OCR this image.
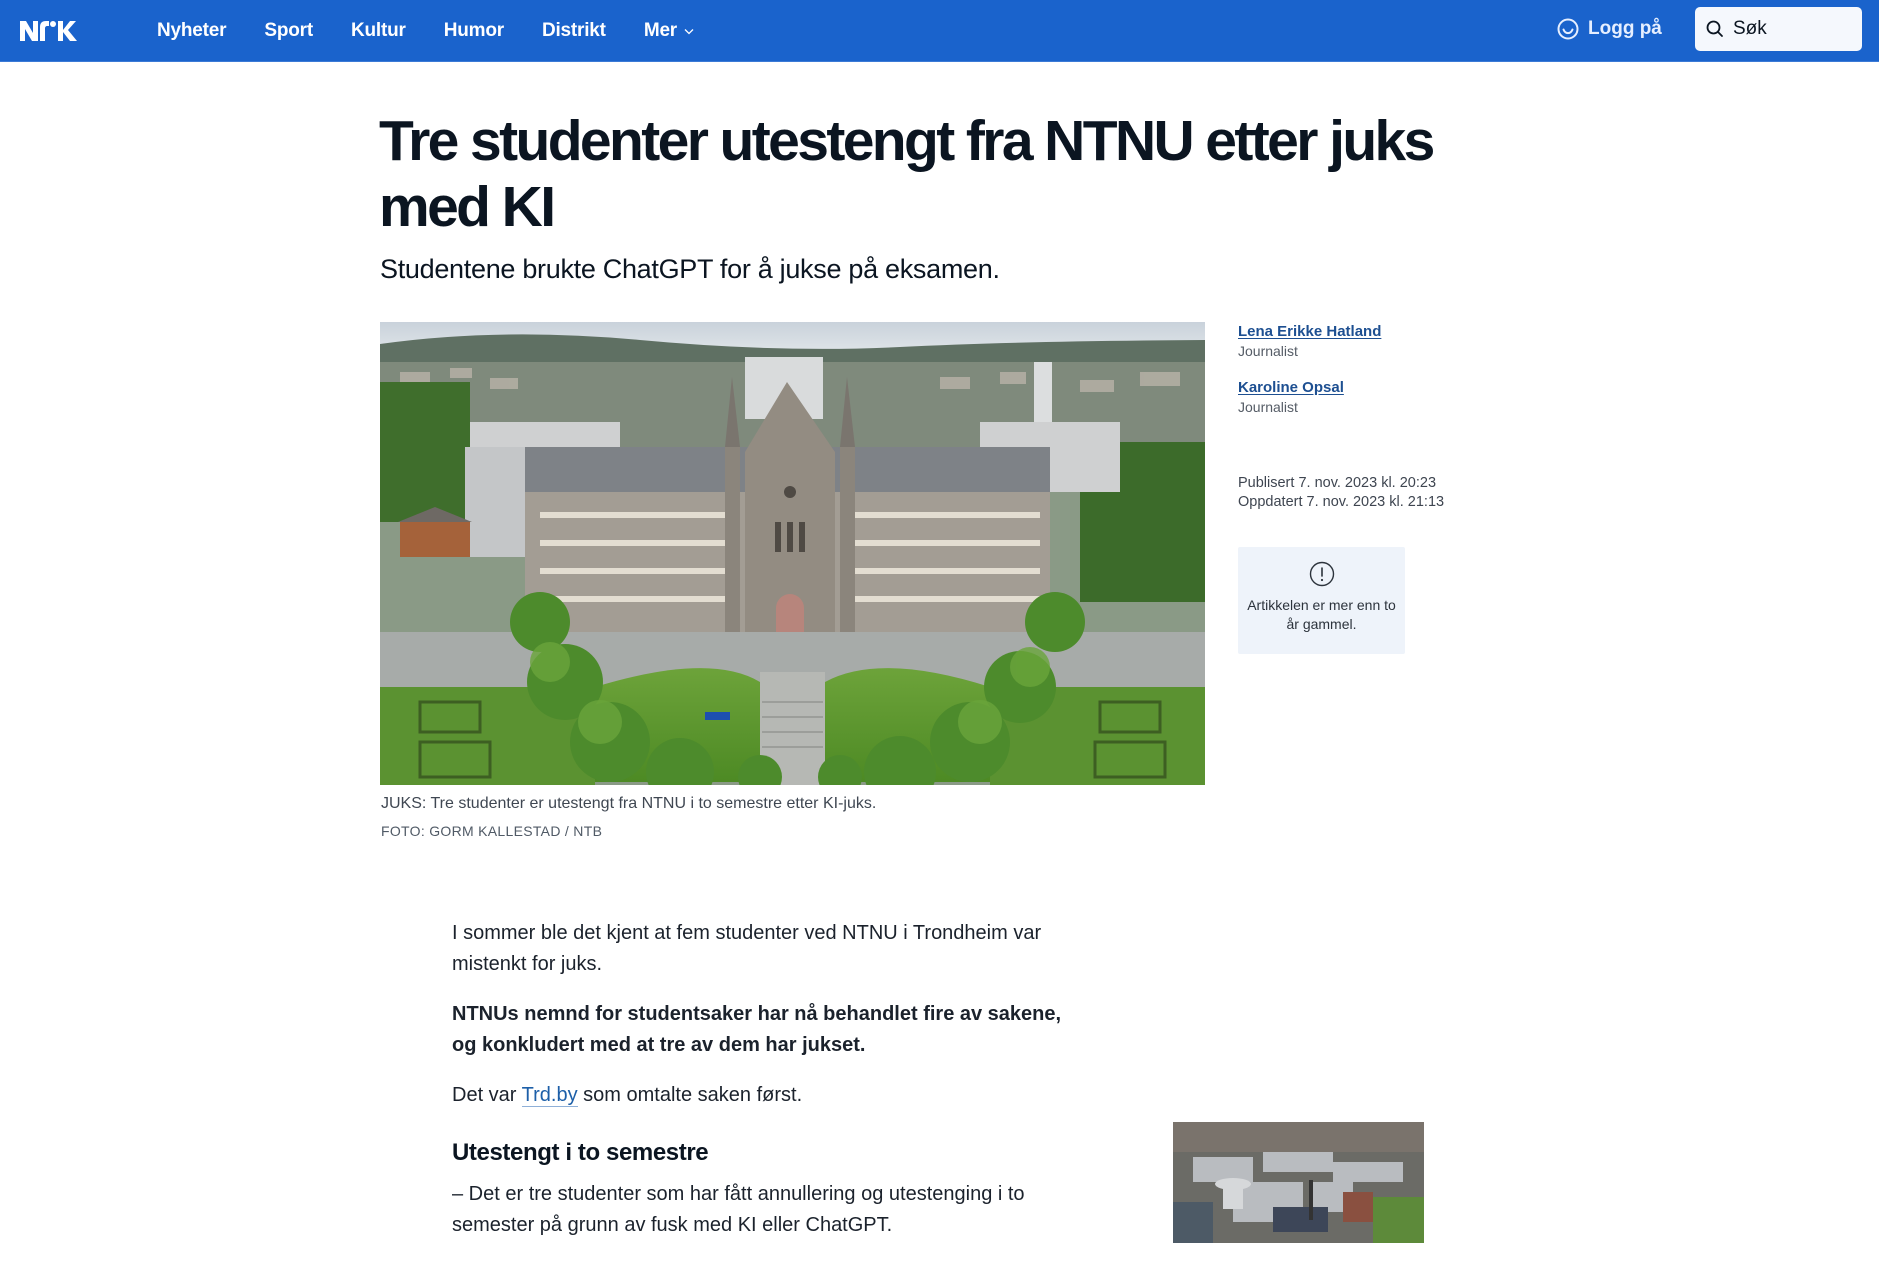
Nyheter	Sport	Kultur	Humor	Distrikt	Mer	Logg på
Søk
Tre studenter utestengt fra NTNU etter juks med KI

Studentene brukte ChatGPT for å jukse på eksamen.

JUKS: Tre studenter er utestengt fra NTNU i to semestre etter KI-juks.
FOTO: GORM KALLESTAD / NTB
Lena Erikke Hatland
Journalist
Karoline Opsal
Journalist
Publisert 7. nov. 2023 kl. 20:23
Oppdatert 7. nov. 2023 kl. 21:13
Artikkelen er mer enn to år gammel.

I sommer ble det kjent at fem studenter ved NTNU i Trondheim var mistenkt for juks.

NTNUs nemnd for studentsaker har nå behandlet fire av sakene, og konkludert med at tre av dem har jukset.

Det var Trd.by som omtalte saken først.

Utestengt i to semestre

– Det er tre studenter som har fått annullering og utestenging i to semester på grunn av fusk med KI eller ChatGPT.
